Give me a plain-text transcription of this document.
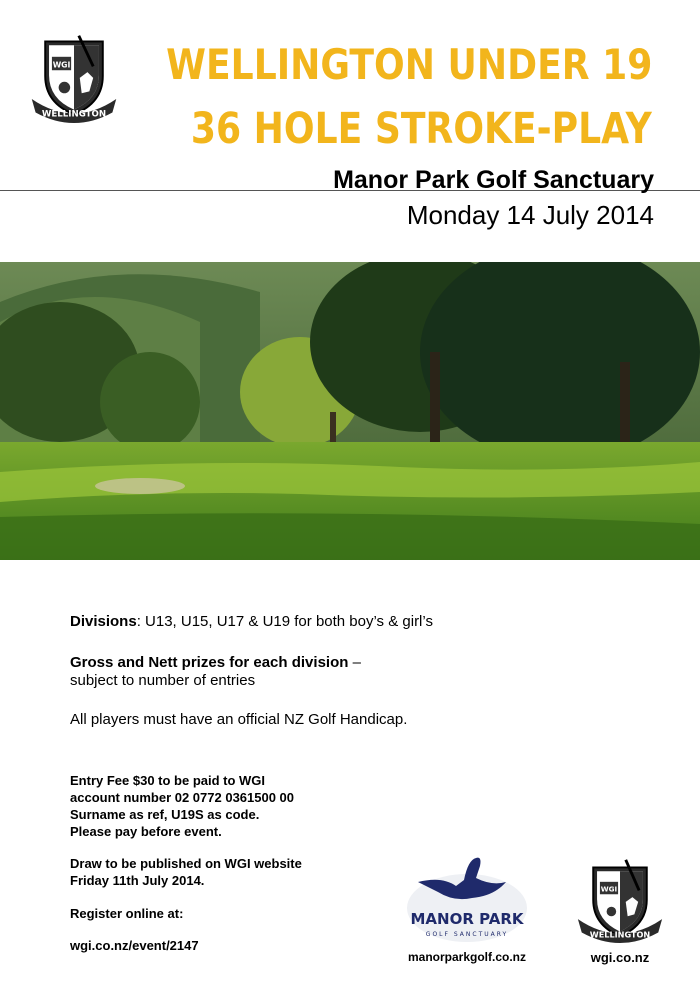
WGI
WELLINGTON
WELLINGTON UNDER 19
36 HOLE STROKE-PLAY
Manor Park Golf Sanctuary
Monday 14 July 2014
Divisions: U13, U15, U17 & U19 for both boy’s & girl’s
Gross and Nett prizes for each division –
subject to number of entries
All players must have an official NZ Golf Handicap.

Entry Fee $30 to be paid to WGI

account number 02 0772 0361500 00

Surname as ref, U19S as code.

Please pay before event.

Draw to be published on WGI website

Friday 11th July 2014.

Register online at:
wgi.co.nz/event/2147
MANOR PARK
GOLF SANCTUARY
manorparkgolf.co.nz
WGI
WELLINGTON
wgi.co.nz
